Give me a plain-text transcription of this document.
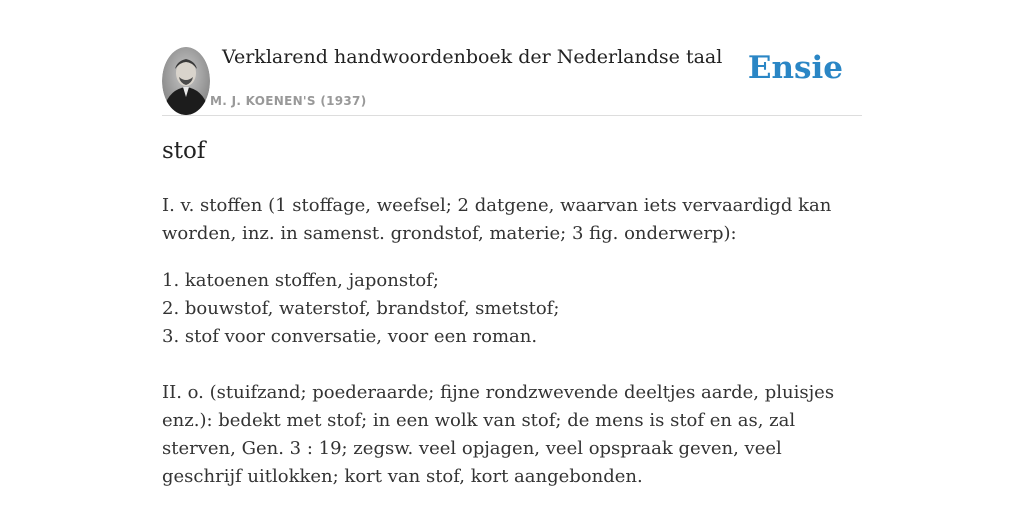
Verklarend handwoordenboek der Nederlandse taal
M. J. KOENEN'S (1937)
Ensie
stof

I. v. stoffen (1 stoffage, weefsel; 2 datgene, waarvan iets vervaardigd kan worden, inz. in samenst. grondstof, materie; 3 fig. onderwerp):

1. katoenen stoffen, japonstof;
2. bouwstof, waterstof, brandstof, smetstof;
3. stof voor conversatie, voor een roman.

II. o. (stuifzand; poederaarde; fijne rondzwevende deeltjes aarde, pluisjes enz.): bedekt met stof; in een wolk van stof; de mens is stof en as, zal sterven, Gen. 3 : 19; zegsw. veel opjagen, veel opspraak geven, veel geschrijf uitlokken; kort van stof, kort aangebonden.
